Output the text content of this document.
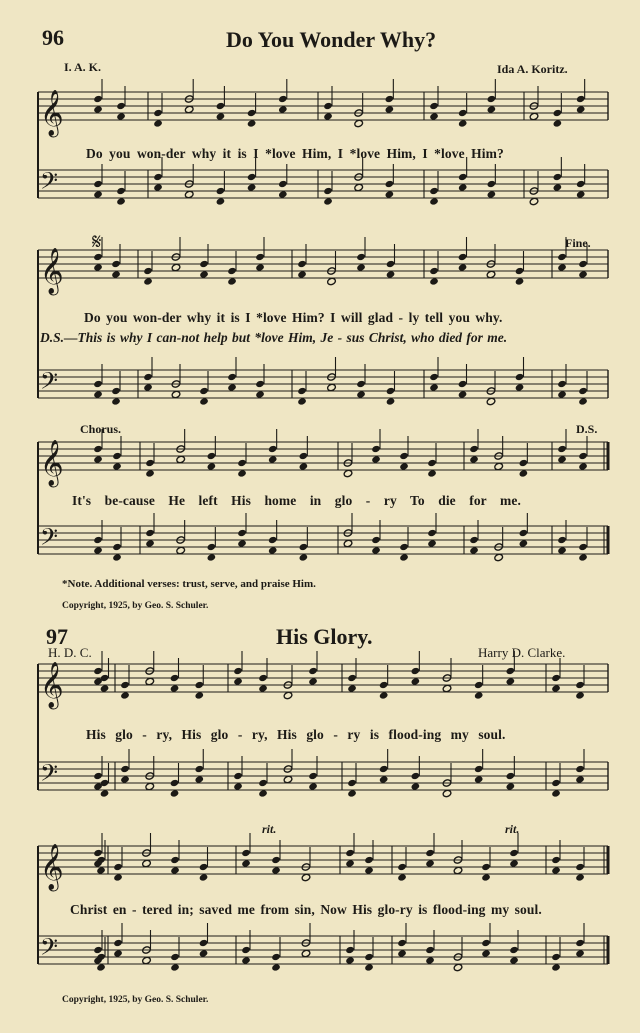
𝄞
𝄢
𝄞
𝄢
𝄞
𝄢
𝄞
𝄢
𝄞
𝄢
96	Do You Wonder Why?
I. A. K.	Ida A. Koritz.
Do you won-der why it is I *love Him, I *love Him, I *love Him?
𝄋	Fine.
Do you won-der why it is I *love Him? I will glad - ly tell you why.
D.S.—This is why I can-not help but *love Him, Je - sus Christ, who died for me.
Chorus.	D.S.
It's be-cause He left His home in glo - ry To die for me.
*Note. Additional verses: trust, serve, and praise Him.
Copyright, 1925, by Geo. S. Schuler.
97	His Glory.
H. D. C.	Harry D. Clarke.
His glo - ry, His glo - ry, His glo - ry is flood-ing my soul.
rit.	rit.
Christ en - tered in; saved me from sin, Now His glo-ry is flood-ing my soul.
Copyright, 1925, by Geo. S. Schuler.
